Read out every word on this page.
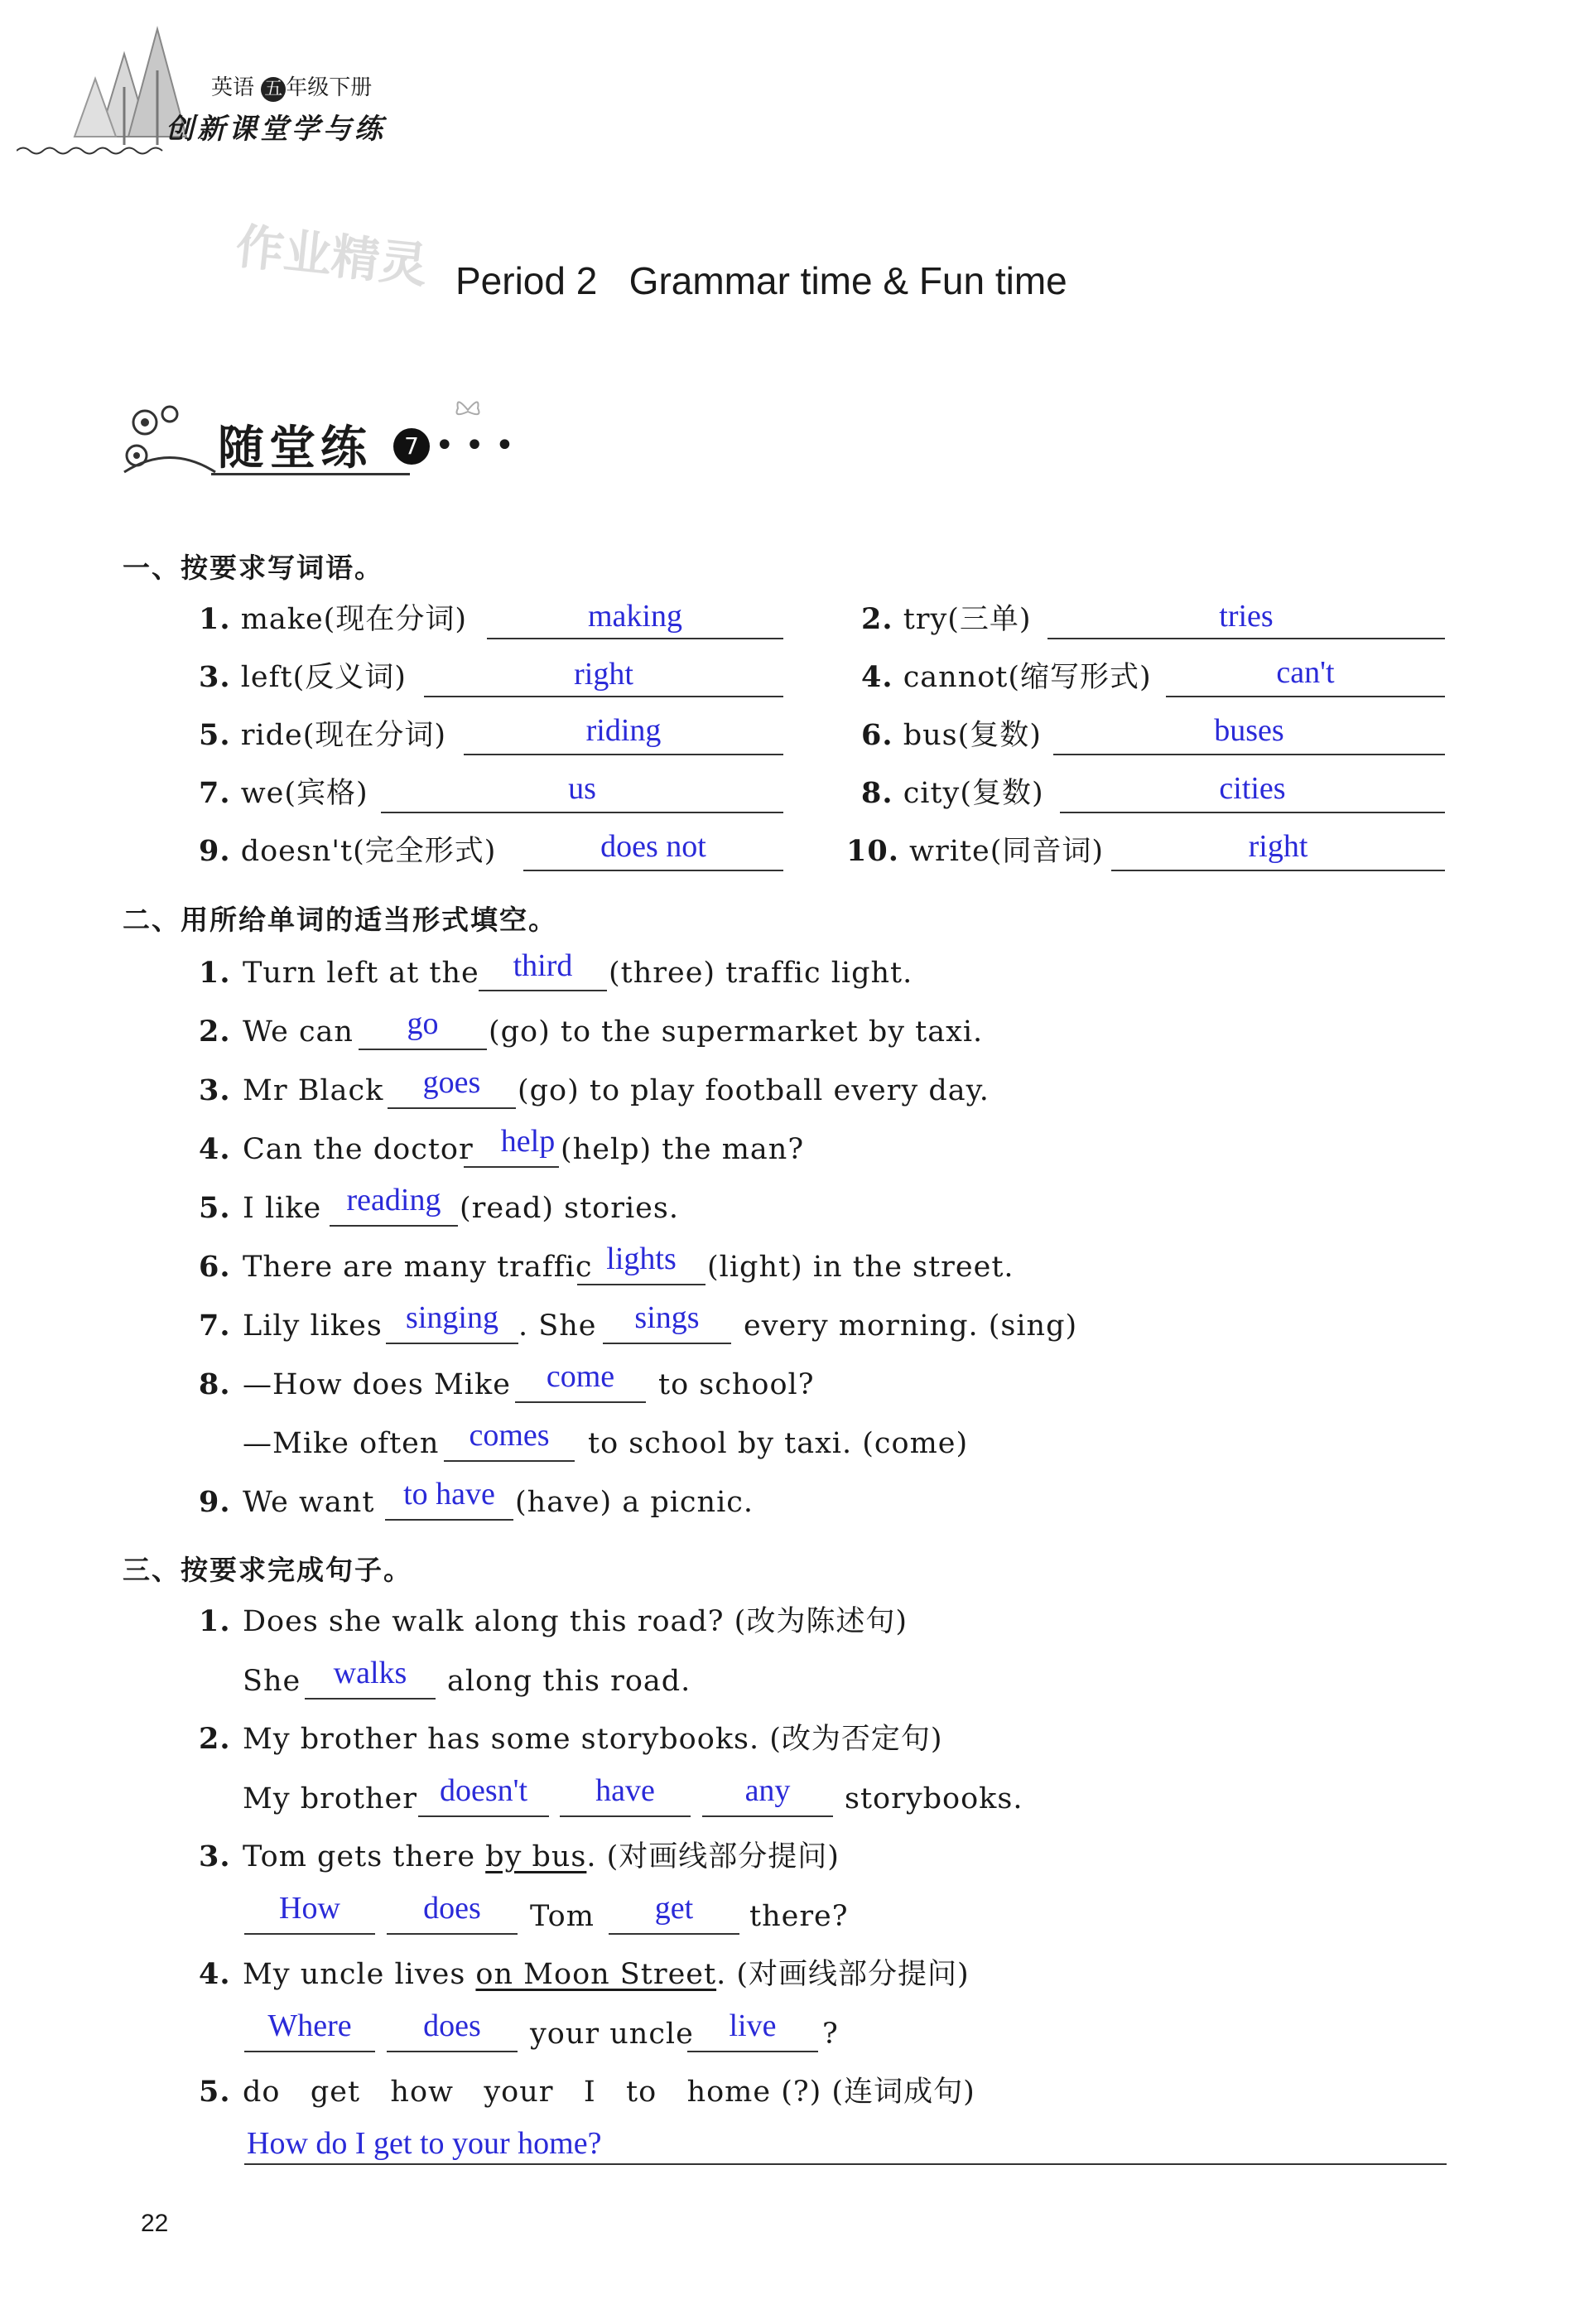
英语 五 年级下册
创新课堂学与练
作业精灵 Period 2   Grammar time & Fun time
随堂练	7 • • •
一、按要求写词语。
1. make(现在分词)	making	2. try(三单)	tries
3. left(反义词)	right	4. cannot(缩写形式)	can't
5. ride(现在分词)	riding	6. bus(复数)	buses
7. we(宾格)	us	8. city(复数)	cities
9. doesn't(完全形式)	does not	10. write(同音词)	right
二、用所给单词的适当形式填空。
1. Turn left at the	third	(three) traffic light.
2. We can	go	(go) to the supermarket by taxi.
3. Mr Black	goes	(go) to play football every day.
4. Can the doctor help (help) the man?
5. I like reading (read) stories.
6. There are many traffic lights	(light) in the street.
7. Lily likes singing . She	sings	every morning. (sing)
8. —How does Mike	come	to school?
—Mike often comes	to school by taxi. (come)
9. We want to have (have) a picnic.
三、按要求完成句子。
1. Does she walk along this road? (改为陈述句)
She	walks	along this road.
2. My brother has some storybooks. (改为否定句)
My brother doesn't	have	any	storybooks.
3. Tom gets there by bus. (对画线部分提问)
How	does	Tom	get	there?
4. My uncle lives on Moon Street. (对画线部分提问)
Where	does	your uncle	live	?
5. do   get   how   your   I   to   home (?) (连词成句)
How do I get to your home?
22
